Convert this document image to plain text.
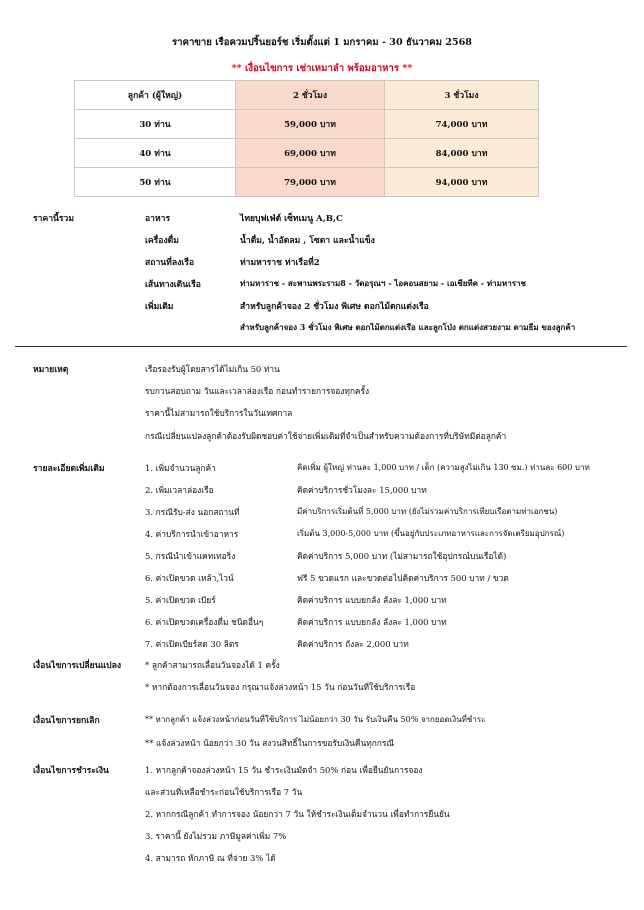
ราคาขาย เรือควมปริ้นยอร์ช เริ่มตั้งแต่ 1 มกราคม - 30 ธันวาคม 2568
** เงื่อนไขการ เช่าเหมาลำ พร้อมอาหาร **
ลูกค้า (ผู้ใหญ่)	2 ชั่วโมง	3 ชั่วโมง
30 ท่าน	59,000 บาท	74,000 บาท
40 ท่าน	69,000 บาท	84,000 บาท
50 ท่าน	79,000 บาท	94,000 บาท
ราคานี้รวม	อาหาร	ไทยบุฟเฟ่ต์ เซ็ทเมนู A,B,C
เครื่องดื่ม	น้ำดื่ม, น้ำอัดลม , โซดา และน้ำแข็ง
สถานที่ลงเรือ	ท่ามหาราช ท่าเรือที่2
เส้นทางเดินเรือ	ท่ามหาราช - สะพานพระราม8 - วัดอรุณฯ - ไอคอนสยาม - เอเชียทีค - ท่ามหาราช
เพิ่มเติม	สำหรับลูกค้าจอง 2 ชั่วโมง พิเศษ ดอกไม้ตกแต่งเรือ
สำหรับลูกค้าจอง 3 ชั่วโมง พิเศษ ดอกไม้ตกแต่งเรือ และลูกโป่ง ตกแต่งสวยงาม ตามธีม ของลูกค้า
หมายเหตุ	เรือรองรับผู้โดยสารได้ไม่เกิน 50 ท่าน
รบกวนสอบถาม วันและเวลาล่องเรือ ก่อนทำรายการจองทุกครั้ง
ราคานี้ไม่สามารถใช้บริการในวันเทศกาล
กรณีเปลี่ยนแปลงลูกค้าต้องรับผิดชอบค่าใช้จ่ายเพิ่มเติมที่จำเป็นสำหรับความต้องการที่บริษัทมีต่อลูกค้า
รายละเอียดเพิ่มเติม	1. เพิ่มจำนวนลูกค้า	คิดเพิ่ม ผู้ใหญ่ ท่านละ 1,000 บาท / เด็ก (ความสูงไม่เกิน 130 ซม.) ท่านละ 600 บาท
2. เพิ่มเวลาล่องเรือ	คิดค่าบริการชั่วโมงละ 15,000 บาท
3. กรณีรับ-ส่ง นอกสถานที่	มีค่าบริการเริ่มต้นที่ 5,000 บาท (ยังไม่รวมค่าบริการเทียบเรือตามท่าเอกชน)
4. ค่าบริการนำเข้าอาหาร	เริ่มต้น 3,000-5,000 บาท (ขึ้นอยู่กับประเภทอาหารและการจัดเตรียมอุปกรณ์)
5. กรณีนำเข้าแคทเทอริ่ง	คิดค่าบริการ 5,000 บาท (ไม่สามารถใช้อุปกรณ์บนเรือได้)
6. ค่าเปิดขวด เหล้า,ไวน์	ฟรี 5 ขวดแรก และขวดต่อไปคิดค่าบริการ 500 บาท / ขวด
5. ค่าเปิดขวด เบียร์	คิดค่าบริการ แบบยกลัง ลังละ 1,000 บาท
6. ค่าเปิดขวดเครื่องดื่ม ชนิดอื่นๆ	คิดค่าบริการ แบบยกลัง ลังละ 1,000 บาท
7. ค่าเปิดเบียร์สด 30 ลิตร	คิดค่าบริการ ถังละ 2,000 บาท
เงื่อนไขการเปลี่ยนแปลง	* ลูกค้าสามารถเลื่อนวันจองได้ 1 ครั้ง
* หากต้องการเลื่อนวันจอง กรุณาแจ้งล่วงหน้า 15 วัน ก่อนวันที่ใช้บริการเรือ
เงื่อนไขการยกเลิก	** หากลูกค้า แจ้งล่วงหน้าก่อนวันที่ใช้บริการ ไม่น้อยกว่า 30 วัน รับเงินคืน 50% จากยอดเงินที่ชำระ
** แจ้งล่วงหน้า น้อยกว่า 30 วัน สงวนสิทธิ์ในการขอรับเงินคืนทุกกรณี
เงื่อนไขการชำระเงิน	1. หากลูกค้าจองล่วงหน้า 15 วัน ชำระเงินมัดจำ 50% ก่อน เพื่อยืนยันการจอง
และส่วนที่เหลือชำระก่อนใช้บริการเรือ 7 วัน
2. หากกรณีลูกค้า ทำการจอง น้อยกว่า 7 วัน ให้ชำระเงินเต็มจำนวน เพื่อทำการยืนยัน
3. ราคานี้ ยังไม่รวม ภาษีมูลค่าเพิ่ม 7%
4. สามารถ หักภาษี ณ ที่จ่าย 3% ได้
